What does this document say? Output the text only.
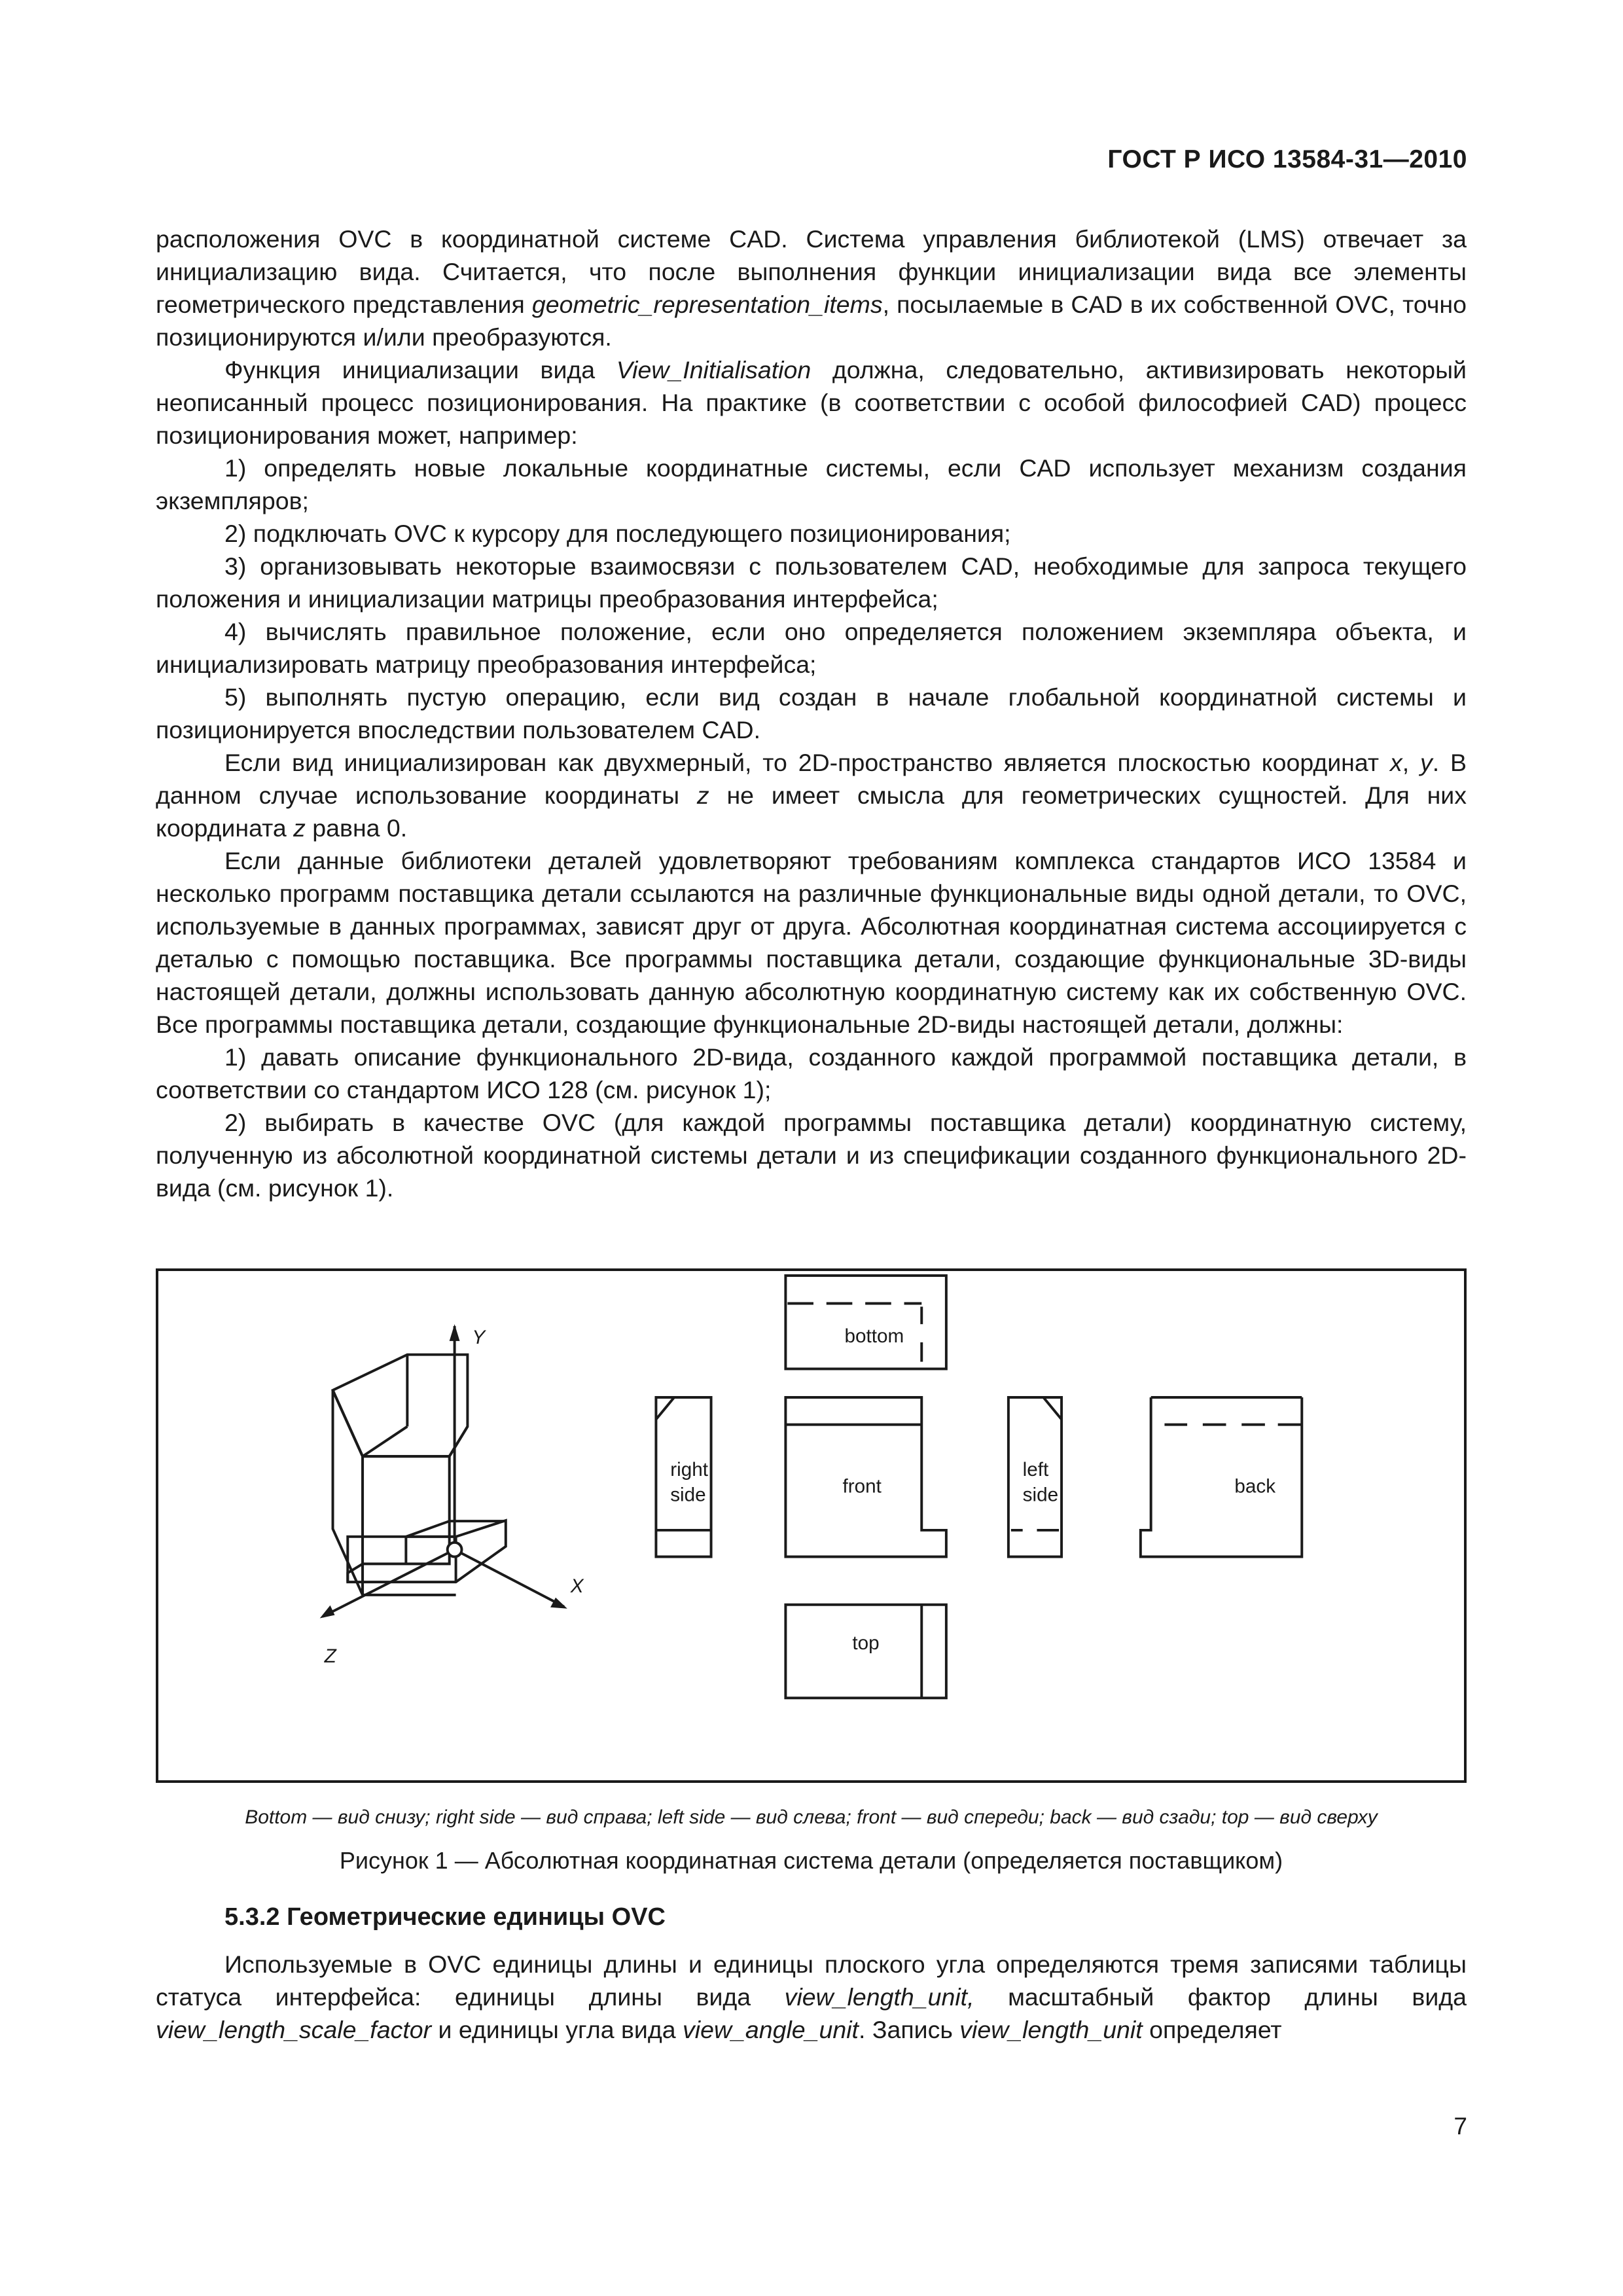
ГОСТ Р ИСО 13584-31—2010

расположения OVC в координатной системе CAD. Система управления библиотекой (LMS) отвечает за инициализацию вида. Считается, что после выполнения функции инициализации вида все элементы геометрического представления geometric_representation_items, посылаемые в CAD в их собственной OVC, точно позиционируются и/или преобразуются.

Функция инициализации вида View_Initialisation должна, следовательно, активизировать некоторый неописанный процесс позиционирования. На практике (в соответствии с особой философией CAD) процесс позиционирования может, например:

1) определять новые локальные координатные системы, если CAD использует механизм создания экземпляров;

2) подключать OVC к курсору для последующего позиционирования;

3) организовывать некоторые взаимосвязи с пользователем CAD, необходимые для запроса текущего положения и инициализации матрицы преобразования интерфейса;

4) вычислять правильное положение, если оно определяется положением экземпляра объекта, и инициализировать матрицу преобразования интерфейса;

5) выполнять пустую операцию, если вид создан в начале глобальной координатной системы и позиционируется впоследствии пользователем CAD.

Если вид инициализирован как двухмерный, то 2D-пространство является плоскостью координат x, y. В данном случае использование координаты z не имеет смысла для геометрических сущностей. Для них координата z равна 0.

Если данные библиотеки деталей удовлетворяют требованиям комплекса стандартов ИСО 13584 и несколько программ поставщика детали ссылаются на различные функциональные виды одной детали, то OVC, используемые в данных программах, зависят друг от друга. Абсолютная координатная система ассоциируется с деталью с помощью поставщика. Все программы поставщика детали, создающие функциональные 3D-виды настоящей детали, должны использовать данную абсолютную координатную систему как их собственную OVC. Все программы поставщика детали, создающие функциональные 2D-виды настоящей детали, должны:

1) давать описание функционального 2D-вида, созданного каждой программой поставщика детали, в соответствии со стандартом ИСО 128 (см. рисунок 1);

2) выбирать в качестве OVC (для каждой программы поставщика детали) координатную систему, полученную из абсолютной координатной системы детали и из спецификации созданного функционального 2D-вида (см. рисунок 1).

Y
X
Z
bottom
right
side	front
left
side	back
top
Bottom — вид снизу; right side — вид справа; left side — вид слева; front — вид спереди; back — вид сзади; top — вид сверху
Рисунок 1 — Абсолютная координатная система детали (определяется поставщиком)
5.3.2 Геометрические единицы OVC

Используемые в OVC единицы длины и единицы плоского угла определяются тремя записями таблицы статуса интерфейса: единицы длины вида view_length_unit, масштабный фактор длины вида view_length_scale_factor и единицы угла вида view_angle_unit. Запись view_length_unit определяет

7
